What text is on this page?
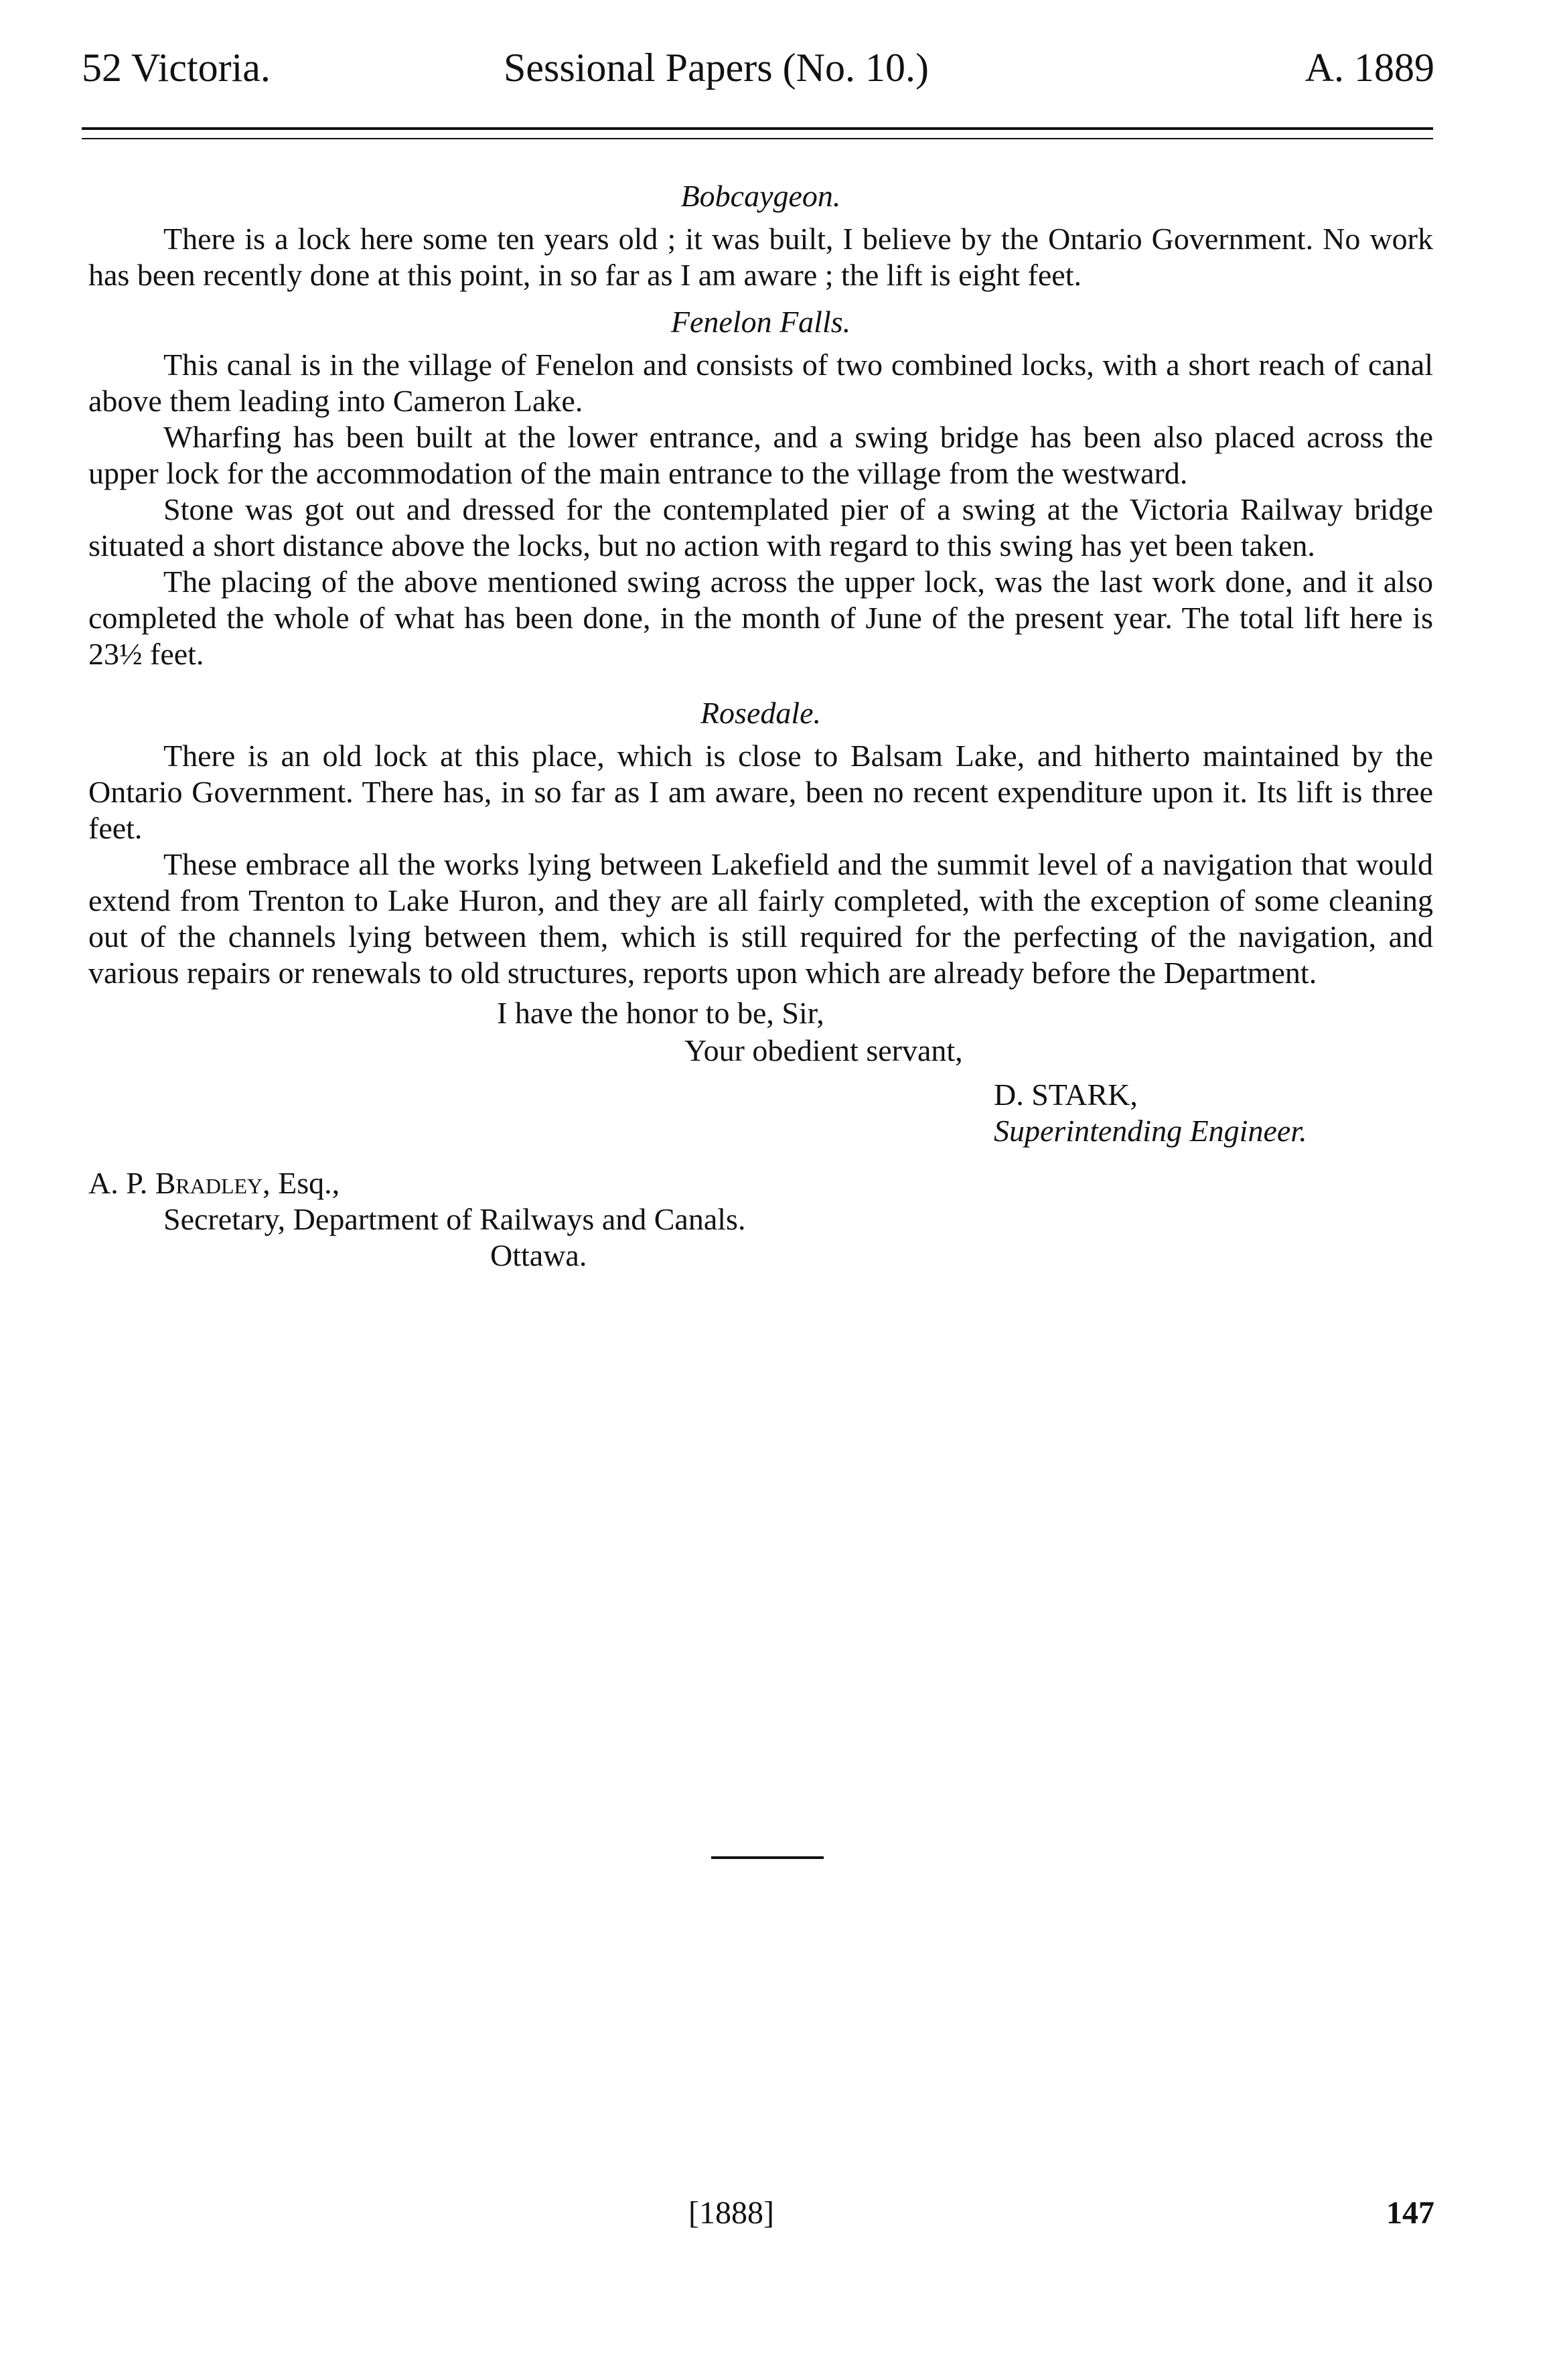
52 Victoria.	Sessional Papers (No. 10.)	A. 1889
Bobcaygeon.

There is a lock here some ten years old ; it was built, I believe by the Ontario Government. No work has been recently done at this point, in so far as I am aware ; the lift is eight feet.

Fenelon Falls.

This canal is in the village of Fenelon and consists of two combined locks, with a short reach of canal above them leading into Cameron Lake.

Wharfing has been built at the lower entrance, and a swing bridge has been also placed across the upper lock for the accommodation of the main entrance to the village from the westward.

Stone was got out and dressed for the contemplated pier of a swing at the Victoria Railway bridge situated a short distance above the locks, but no action with regard to this swing has yet been taken.

The placing of the above mentioned swing across the upper lock, was the last work done, and it also completed the whole of what has been done, in the month of June of the present year. The total lift here is 23½ feet.

Rosedale.

There is an old lock at this place, which is close to Balsam Lake, and hitherto maintained by the Ontario Government. There has, in so far as I am aware, been no recent expenditure upon it. Its lift is three feet.

These embrace all the works lying between Lakefield and the summit level of a navigation that would extend from Trenton to Lake Huron, and they are all fairly completed, with the exception of some cleaning out of the channels lying between them, which is still required for the perfecting of the navigation, and various repairs or renewals to old structures, reports upon which are already before the Department.

I have the honor to be, Sir,
Your obedient servant,
D. STARK,
Superintending Engineer.
A. P. Bradley, Esq.,
Secretary, Department of Railways and Canals.
Ottawa.
[1888]	147
